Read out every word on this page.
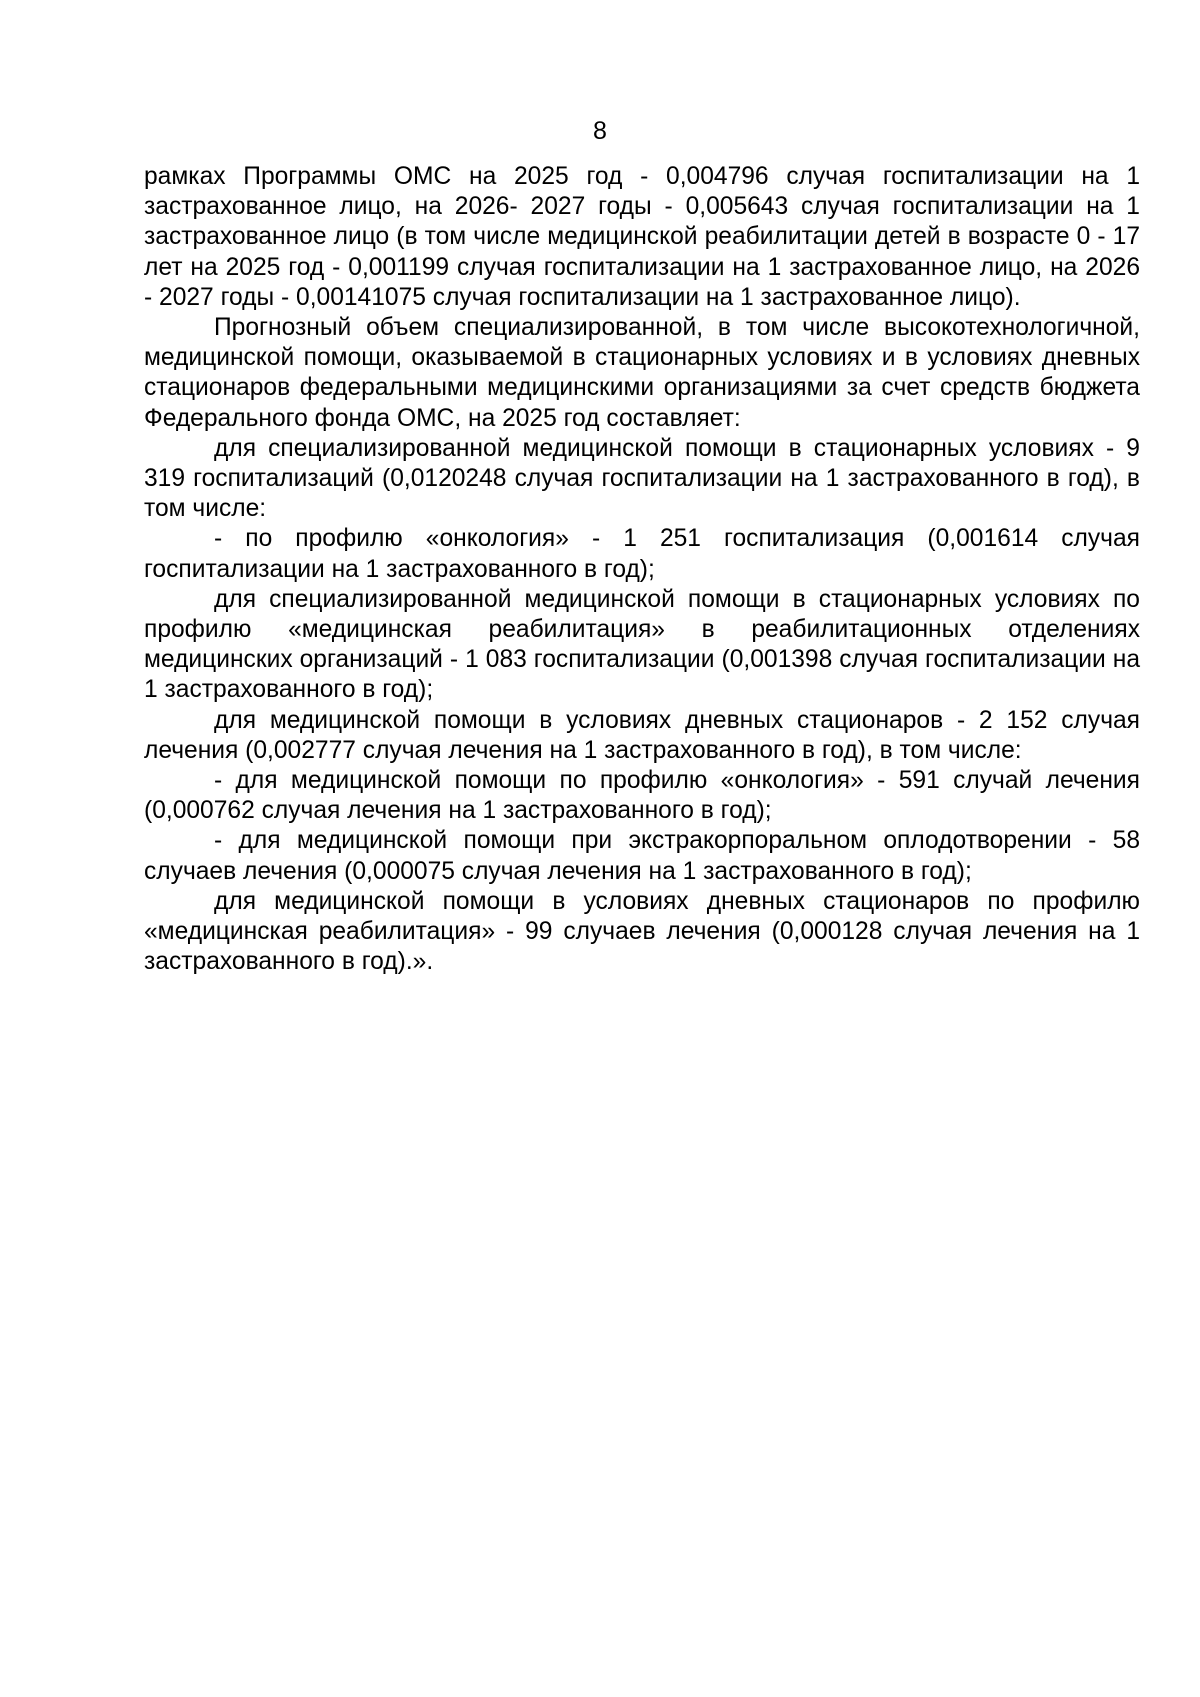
8

рамках Программы ОМС на 2025 год - 0,004796 случая госпитализации на 1 застрахованное лицо, на 2026- 2027 годы - 0,005643 случая госпитализации на 1 застрахованное лицо (в том числе медицинской реабилитации детей в возрасте 0 - 17 лет на 2025 год - 0,001199 случая госпитализации на 1 застрахованное лицо, на 2026 - 2027 годы - 0,00141075 случая госпитализации на 1 застрахованное лицо).

Прогнозный объем специализированной, в том числе высокотехнологичной, медицинской помощи, оказываемой в стационарных условиях и в условиях дневных стационаров федеральными медицинскими организациями за счет средств бюджета Федерального фонда ОМС, на 2025 год составляет:

для специализированной медицинской помощи в стационарных условиях - 9 319 госпитализаций (0,0120248 случая госпитализации на 1 застрахованного в год), в том числе:

- по профилю «онкология» - 1 251 госпитализация (0,001614 случая госпитализации на 1 застрахованного в год);

для специализированной медицинской помощи в стационарных условиях по профилю «медицинская реабилитация» в реабилитационных отделениях медицинских организаций - 1 083 госпитализации (0,001398 случая госпитализации на 1 застрахованного в год);

для медицинской помощи в условиях дневных стационаров - 2 152 случая лечения (0,002777 случая лечения на 1 застрахованного в год), в том числе:

- для медицинской помощи по профилю «онкология» - 591 случай лечения (0,000762 случая лечения на 1 застрахованного в год);

- для медицинской помощи при экстракорпоральном оплодотворении - 58 случаев лечения (0,000075 случая лечения на 1 застрахованного в год);

для медицинской помощи в условиях дневных стационаров по профилю «медицинская реабилитация» - 99 случаев лечения (0,000128 случая лечения на 1 застрахованного в год).».
